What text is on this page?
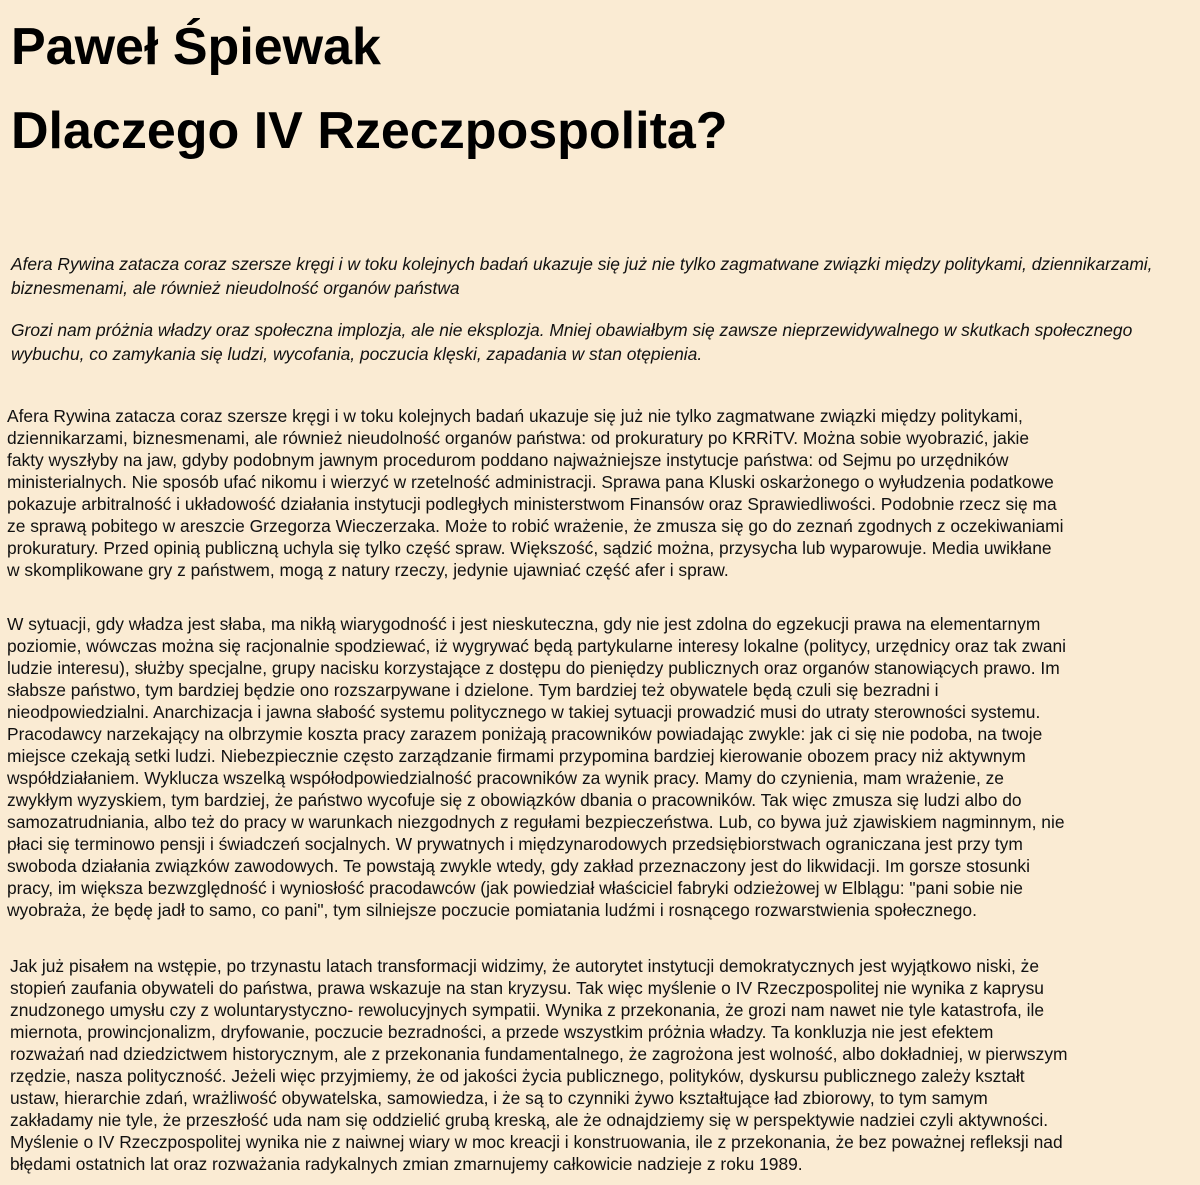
Paweł Śpiewak
Dlaczego IV Rzeczpospolita?

Afera Rywina zatacza coraz szersze kręgi i w toku kolejnych badań ukazuje się już nie tylko zagmatwane związki między politykami, dziennikarzami, biznesmenami, ale również nieudolność organów państwa

Grozi nam próżnia władzy oraz społeczna implozja, ale nie eksplozja. Mniej obawiałbym się zawsze nieprzewidywalnego w skutkach społecznego wybuchu, co zamykania się ludzi, wycofania, poczucia klęski, zapadania w stan otępienia.

Afera Rywina zatacza coraz szersze kręgi i w toku kolejnych badań ukazuje się już nie tylko zagmatwane związki między politykami,
dziennikarzami, biznesmenami, ale również nieudolność organów państwa: od prokuratury po KRRiTV. Można sobie wyobrazić, jakie
fakty wyszłyby na jaw, gdyby podobnym jawnym procedurom poddano najważniejsze instytucje państwa: od Sejmu po urzędników
ministerialnych. Nie sposób ufać nikomu i wierzyć w rzetelność administracji. Sprawa pana Kluski oskarżonego o wyłudzenia podatkowe
pokazuje arbitralność i układowość działania instytucji podległych ministerstwom Finansów oraz Sprawiedliwości. Podobnie rzecz się ma
ze sprawą pobitego w areszcie Grzegorza Wieczerzaka. Może to robić wrażenie, że zmusza się go do zeznań zgodnych z oczekiwaniami
prokuratury. Przed opinią publiczną uchyla się tylko część spraw. Większość, sądzić można, przysycha lub wyparowuje. Media uwikłane
w skomplikowane gry z państwem, mogą z natury rzeczy, jedynie ujawniać część afer i spraw.
W sytuacji, gdy władza jest słaba, ma nikłą wiarygodność i jest nieskuteczna, gdy nie jest zdolna do egzekucji prawa na elementarnym
poziomie, wówczas można się racjonalnie spodziewać, iż wygrywać będą partykularne interesy lokalne (politycy, urzędnicy oraz tak zwani
ludzie interesu), służby specjalne, grupy nacisku korzystające z dostępu do pieniędzy publicznych oraz organów stanowiących prawo. Im
słabsze państwo, tym bardziej będzie ono rozszarpywane i dzielone. Tym bardziej też obywatele będą czuli się bezradni i
nieodpowiedzialni. Anarchizacja i jawna słabość systemu politycznego w takiej sytuacji prowadzić musi do utraty sterowności systemu.
Pracodawcy narzekający na olbrzymie koszta pracy zarazem poniżają pracowników powiadając zwykle: jak ci się nie podoba, na twoje
miejsce czekają setki ludzi. Niebezpiecznie często zarządzanie firmami przypomina bardziej kierowanie obozem pracy niż aktywnym
współdziałaniem. Wyklucza wszelką współodpowiedzialność pracowników za wynik pracy. Mamy do czynienia, mam wrażenie, ze
zwykłym wyzyskiem, tym bardziej, że państwo wycofuje się z obowiązków dbania o pracowników. Tak więc zmusza się ludzi albo do
samozatrudniania, albo też do pracy w warunkach niezgodnych z regułami bezpieczeństwa. Lub, co bywa już zjawiskiem nagminnym, nie
płaci się terminowo pensji i świadczeń socjalnych. W prywatnych i międzynarodowych przedsiębiorstwach ograniczana jest przy tym
swoboda działania związków zawodowych. Te powstają zwykle wtedy, gdy zakład przeznaczony jest do likwidacji. Im gorsze stosunki
pracy, im większa bezwzględność i wyniosłość pracodawców (jak powiedział właściciel fabryki odzieżowej w Elblągu: "pani sobie nie
wyobraża, że będę jadł to samo, co pani", tym silniejsze poczucie pomiatania ludźmi i rosnącego rozwarstwienia społecznego.
Jak już pisałem na wstępie, po trzynastu latach transformacji widzimy, że autorytet instytucji demokratycznych jest wyjątkowo niski, że
stopień zaufania obywateli do państwa, prawa wskazuje na stan kryzysu. Tak więc myślenie o IV Rzeczpospolitej nie wynika z kaprysu
znudzonego umysłu czy z woluntarystyczno- rewolucyjnych sympatii. Wynika z przekonania, że grozi nam nawet nie tyle katastrofa, ile
miernota, prowincjonalizm, dryfowanie, poczucie bezradności, a przede wszystkim próżnia władzy. Ta konkluzja nie jest efektem
rozważań nad dziedzictwem historycznym, ale z przekonania fundamentalnego, że zagrożona jest wolność, albo dokładniej, w pierwszym
rzędzie, nasza polityczność. Jeżeli więc przyjmiemy, że od jakości życia publicznego, polityków, dyskursu publicznego zależy kształt
ustaw, hierarchie zdań, wrażliwość obywatelska, samowiedza, i że są to czynniki żywo kształtujące ład zbiorowy, to tym samym
zakładamy nie tyle, że przeszłość uda nam się oddzielić grubą kreską, ale że odnajdziemy się w perspektywie nadziei czyli aktywności.
Myślenie o IV Rzeczpospolitej wynika nie z naiwnej wiary w moc kreacji i konstruowania, ile z przekonania, że bez poważnej refleksji nad
błędami ostatnich lat oraz rozważania radykalnych zmian zmarnujemy całkowicie nadzieje z roku 1989.
